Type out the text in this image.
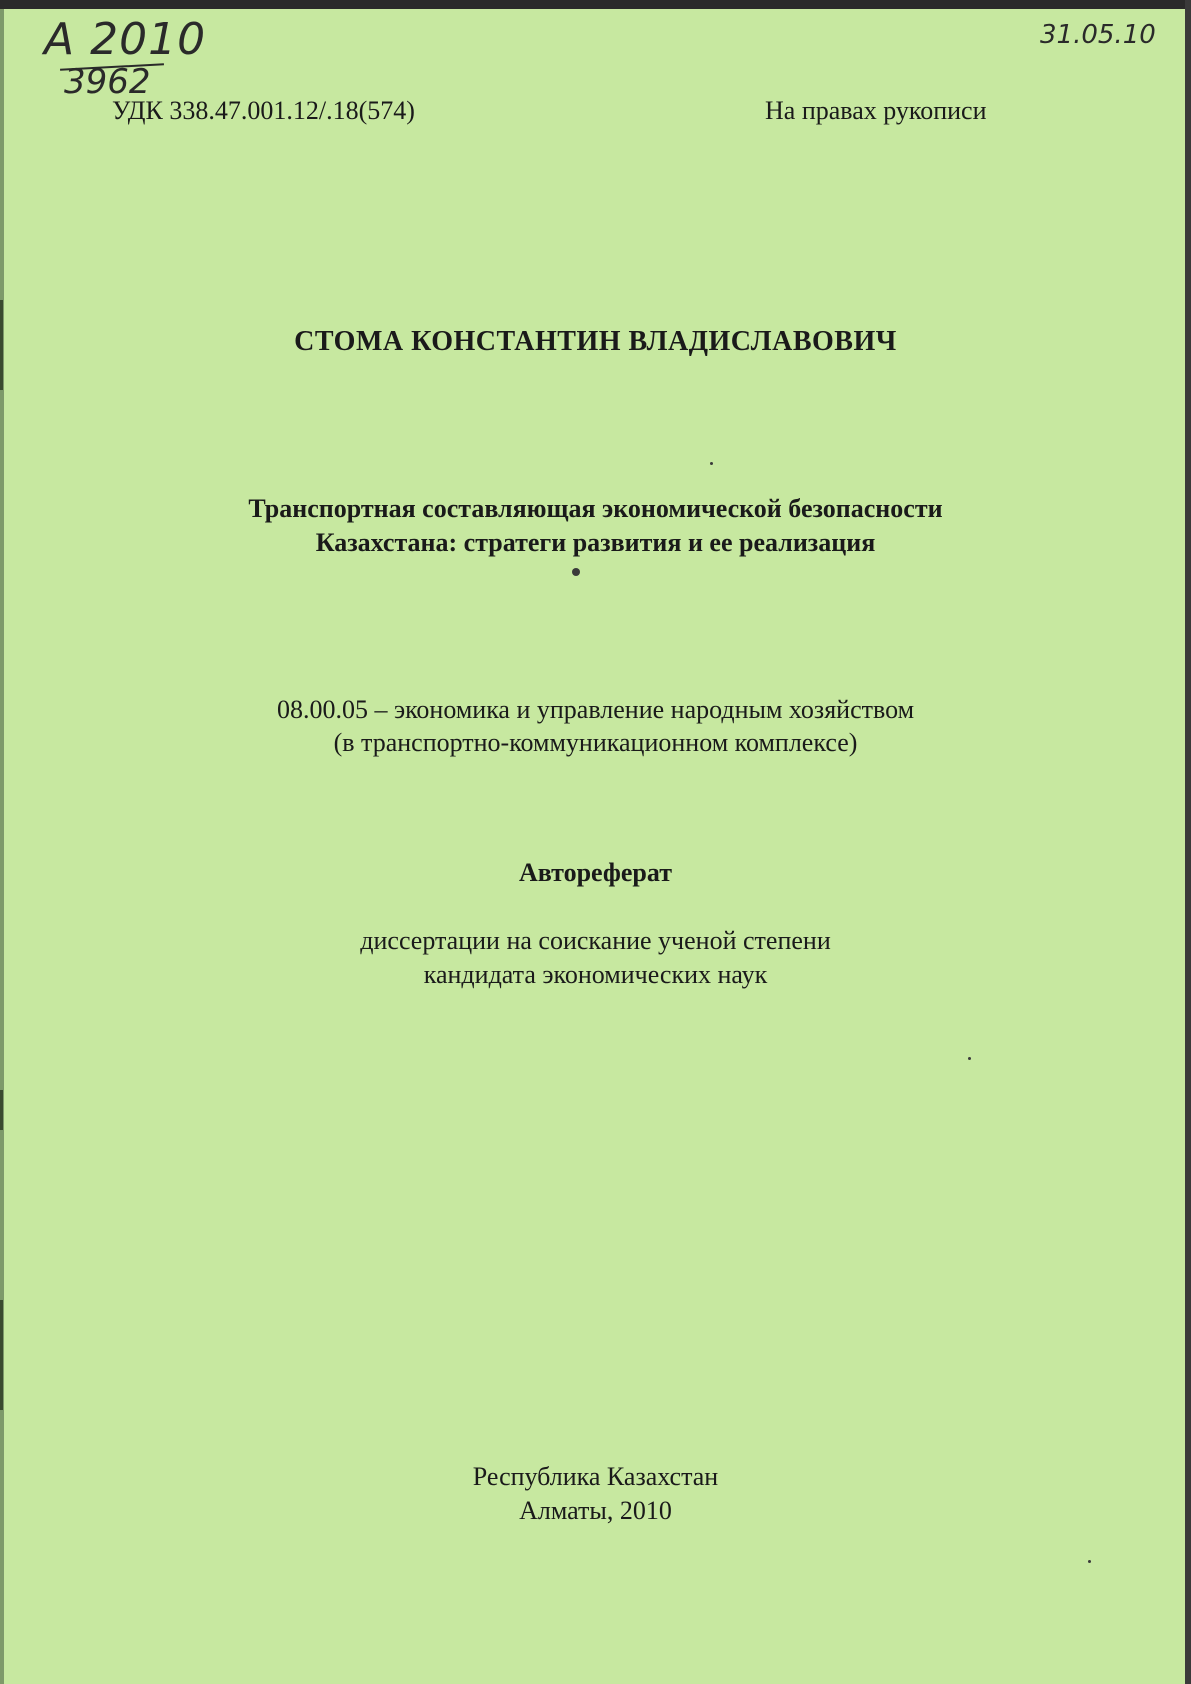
A 2010
3962
31.05.10
УДК 338.47.001.12/.18(574)	На правах рукописи
СТОМА КОНСТАНТИН ВЛАДИСЛАВОВИЧ
Транспортная составляющая экономической безопасности
Казахстана: стратеги развития и ее реализация
08.00.05 – экономика и управление народным хозяйством
(в транспортно-коммуникационном комплексе)
Автореферат
диссертации на соискание ученой степени
кандидата экономических наук
Республика Казахстан
Алматы, 2010
